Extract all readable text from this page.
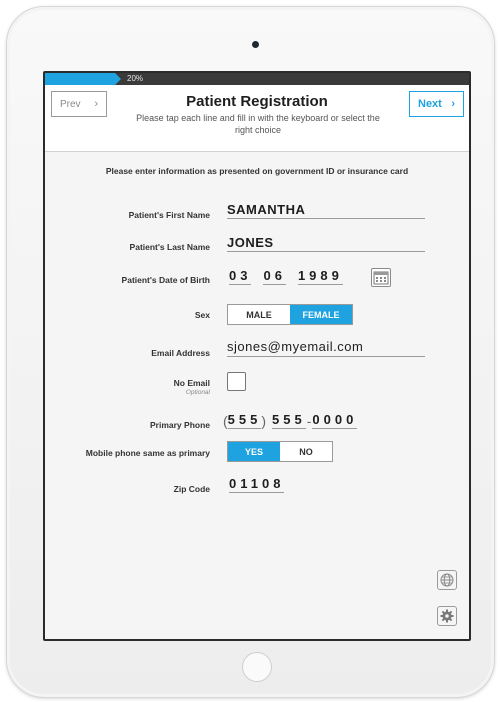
20%
Prev ›	Patient Registration
Please tap each line and fill in with the keyboard or select the right choice
Next ›
Please enter information as presented on government ID or insurance card
Patient's First Name SAMANTHA
Patient's Last Name JONES
Patient's Date of Birth 03 06 1989
Sex	MALE	FEMALE
Email Address sjones@myemail.com
No Email
Optional
Primary Phone ( 555 ) 555 - 0000
Mobile phone same as primary	YES	NO
Zip Code 01108
